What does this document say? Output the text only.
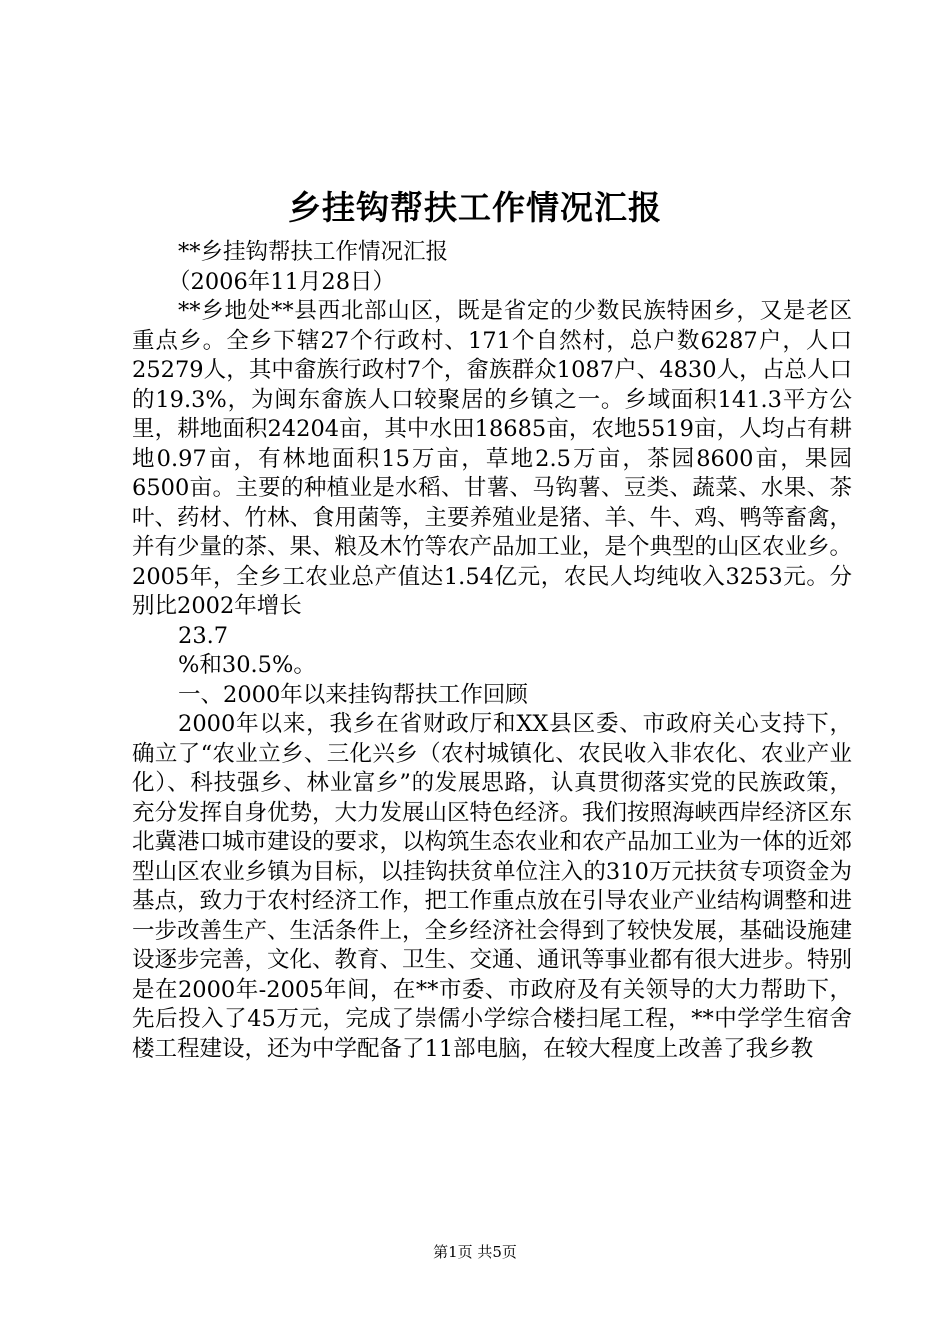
乡挂钩帮扶工作情况汇报

**乡挂钩帮扶工作情况汇报

（2006年11月28日）

**乡地处**县西北部山区，既是省定的少数民族特困乡，又是老区重点乡。全乡下辖27个行政村、171个自然村，总户数6287户，人口25279人，其中畲族行政村7个，畲族群众1087户、4830人，占总人口的19.3%，为闽东畲族人口较聚居的乡镇之一。乡域面积141.3平方公里，耕地面积24204亩，其中水田18685亩，农地5519亩，人均占有耕地0.97亩，有林地面积15万亩，草地2.5万亩，茶园8600亩，果园6500亩。主要的种植业是水稻、甘薯、马钩薯、豆类、蔬菜、水果、茶叶、药材、竹林、食用菌等，主要养殖业是猪、羊、牛、鸡、鸭等畜禽，并有少量的茶、果、粮及木竹等农产品加工业，是个典型的山区农业乡。2005年，全乡工农业总产值达1.54亿元，农民人均纯收入3253元。分别比2002年增长

23.7

%和30.5%。

一、2000年以来挂钩帮扶工作回顾

2000年以来，我乡在省财政厅和XX县区委、市政府关心支持下，确立了“农业立乡、三化兴乡（农村城镇化、农民收入非农化、农业产业化）、科技强乡、林业富乡”的发展思路，认真贯彻落实党的民族政策，充分发挥自身优势，大力发展山区特色经济。我们按照海峡西岸经济区东北冀港口城市建设的要求，以构筑生态农业和农产品加工业为一体的近郊型山区农业乡镇为目标，以挂钩扶贫单位注入的310万元扶贫专项资金为基点，致力于农村经济工作，把工作重点放在引导农业产业结构调整和进一步改善生产、生活条件上，全乡经济社会得到了较快发展，基础设施建设逐步完善，文化、教育、卫生、交通、通讯等事业都有很大进步。特别是在2000年-2005年间，在**市委、市政府及有关领导的大力帮助下，先后投入了45万元，完成了崇儒小学综合楼扫尾工程，**中学学生宿舍楼工程建设，还为中学配备了11部电脑，在较大程度上改善了我乡教

第1页 共5页
